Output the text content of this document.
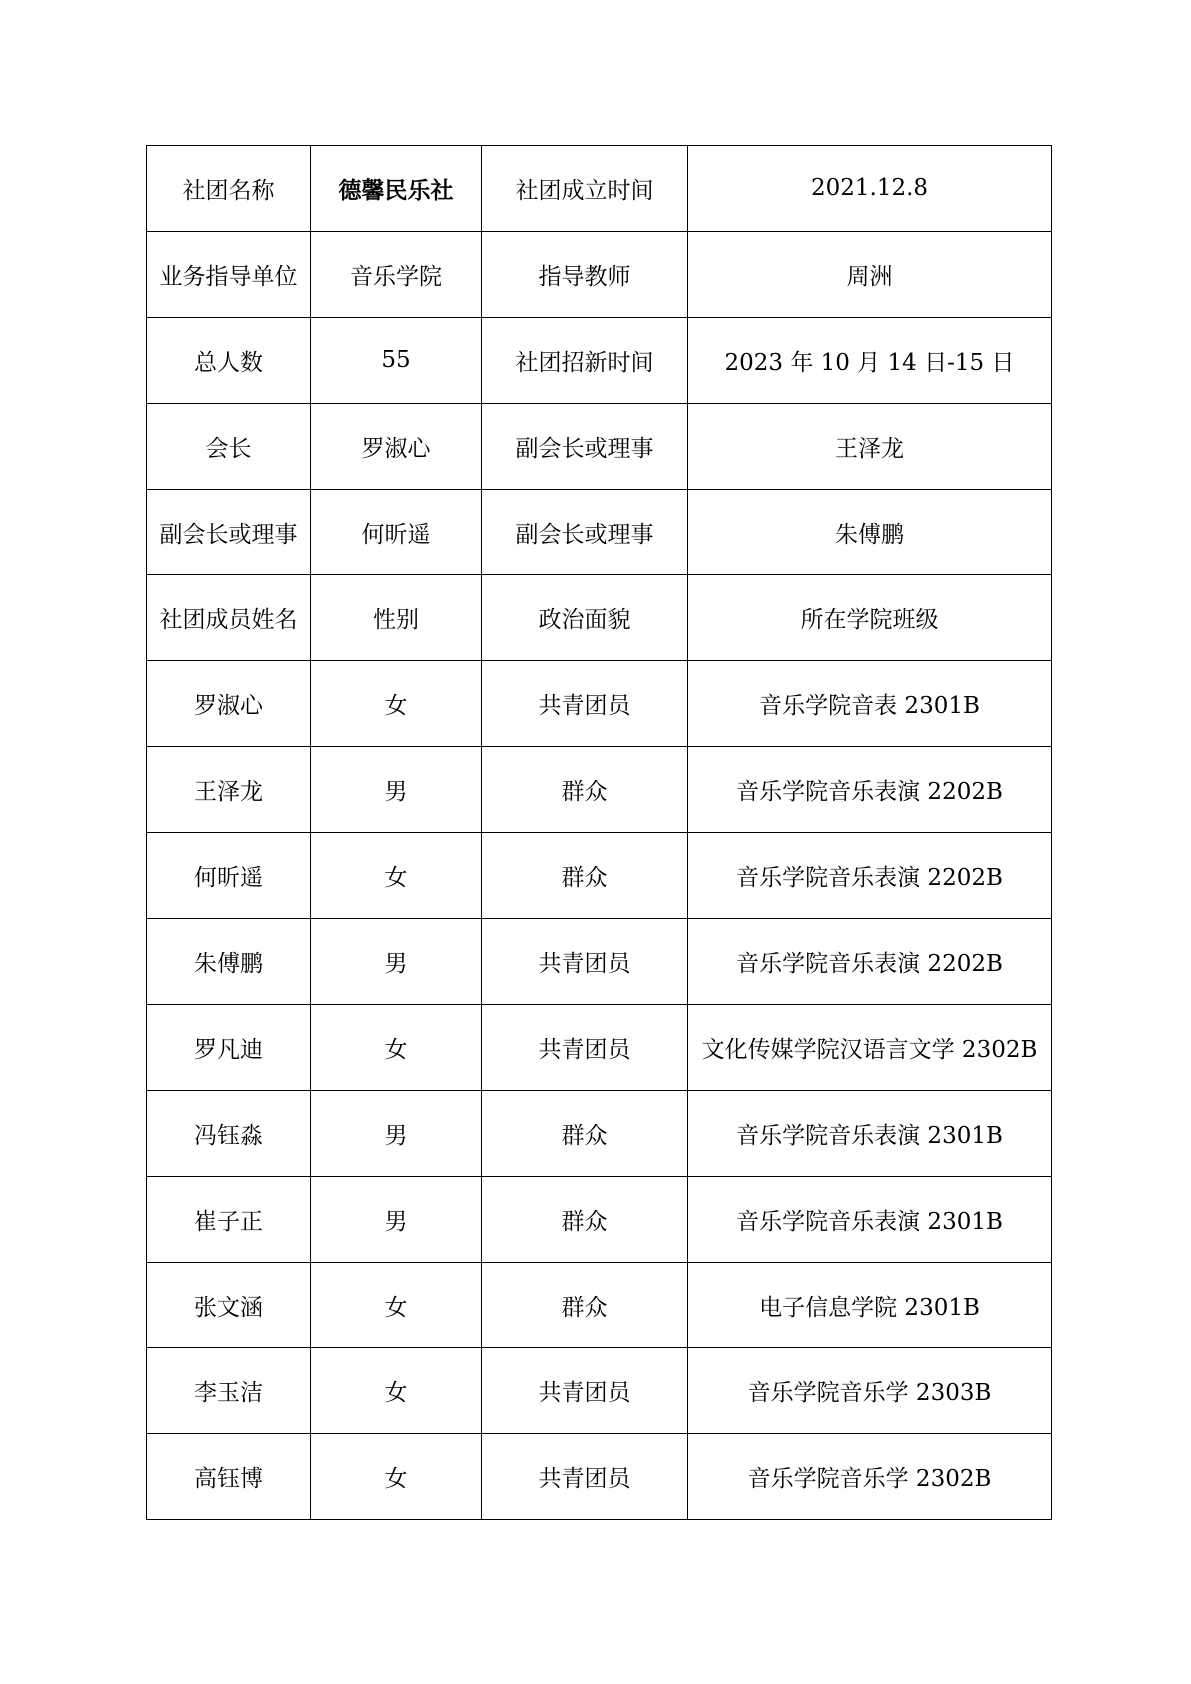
社团名称	德馨民乐社	社团成立时间	2021.12.8
业务指导单位	音乐学院	指导教师	周洲
总人数	55	社团招新时间	2023 年 10 月 14 日-15 日
会长	罗淑心	副会长或理事	王泽龙
副会长或理事	何昕遥	副会长或理事	朱傅鹏
社团成员姓名	性别	政治面貌	所在学院班级
罗淑心	女	共青团员	音乐学院音表 2301B
王泽龙	男	群众	音乐学院音乐表演 2202B
何昕遥	女	群众	音乐学院音乐表演 2202B
朱傅鹏	男	共青团员	音乐学院音乐表演 2202B
罗凡迪	女	共青团员	文化传媒学院汉语言文学 2302B
冯钰淼	男	群众	音乐学院音乐表演 2301B
崔子正	男	群众	音乐学院音乐表演 2301B
张文涵	女	群众	电子信息学院 2301B
李玉洁	女	共青团员	音乐学院音乐学 2303B
高钰博	女	共青团员	音乐学院音乐学 2302B
